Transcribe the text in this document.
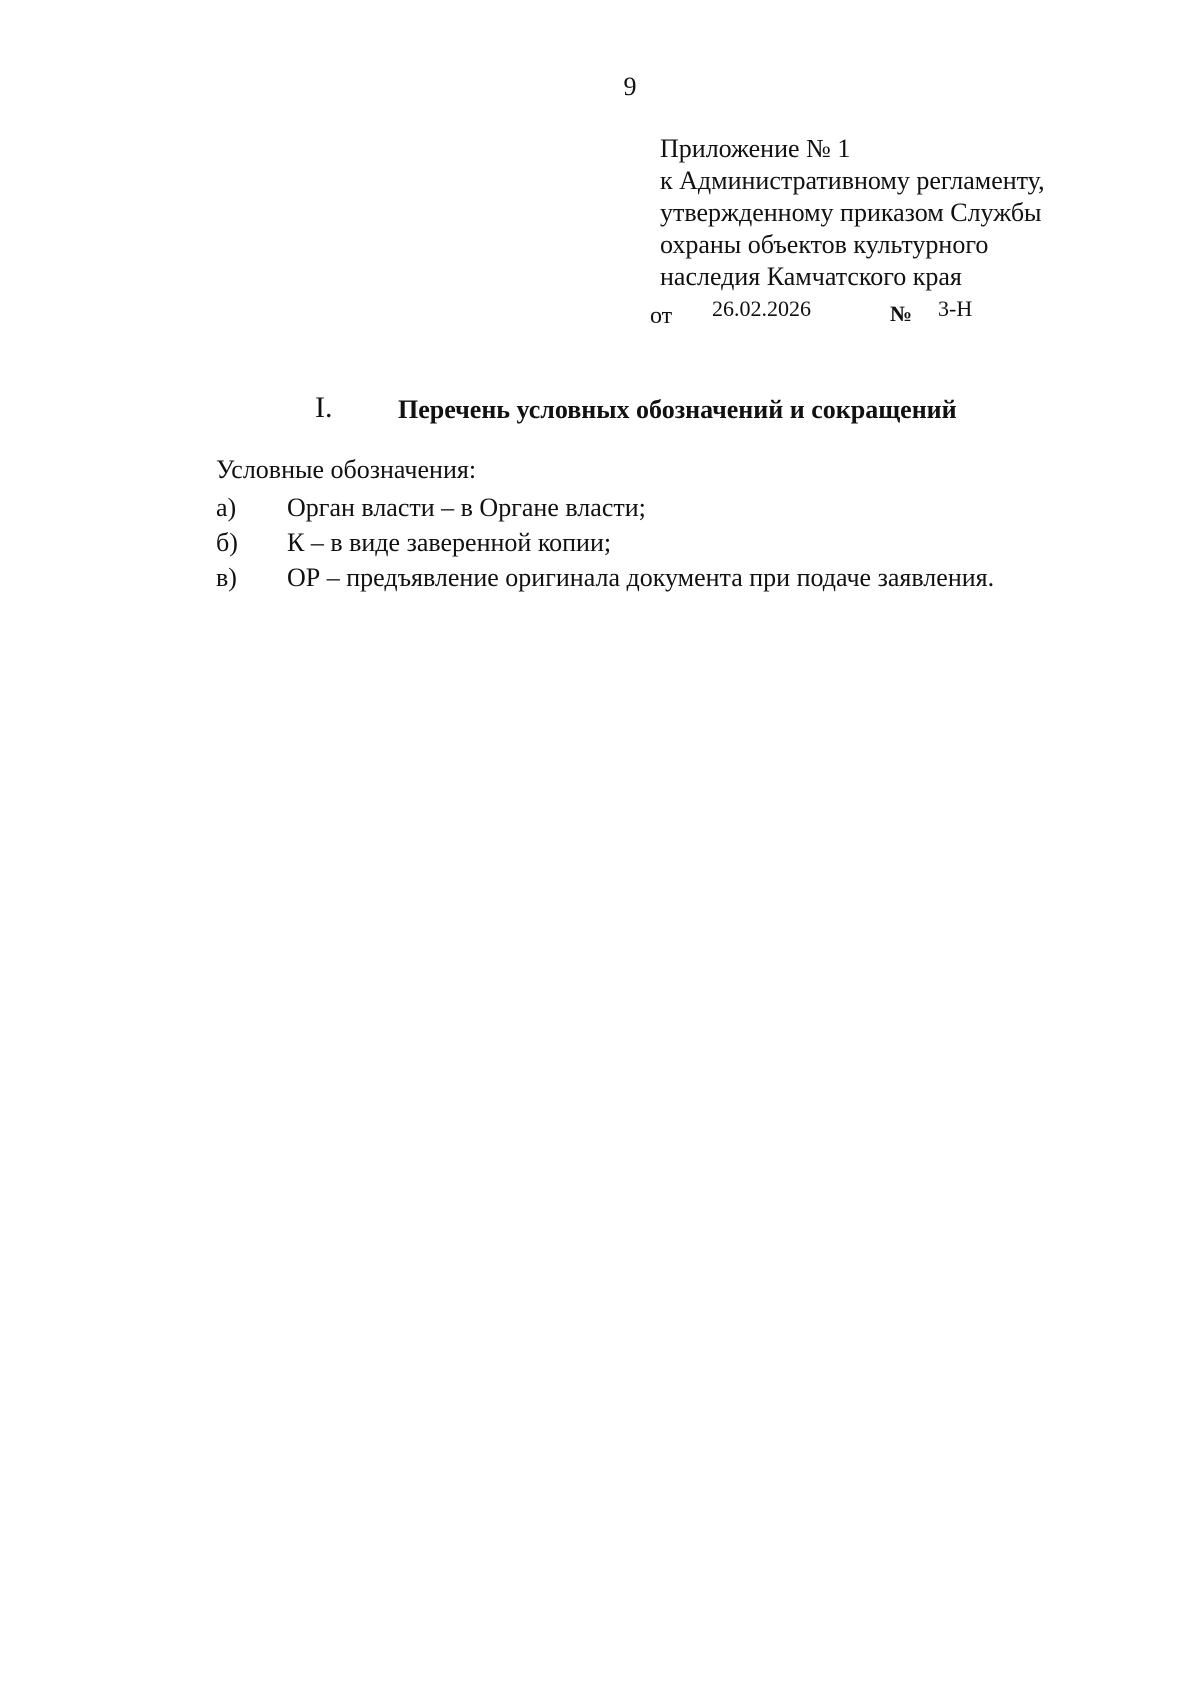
9
Приложение № 1
к Административному регламенту,
утвержденному приказом Службы
охраны объектов культурного
наследия Камчатского края
от 26.02.2026	№ 3-Н
I.	Перечень условных обозначений и сокращений
Условные обозначения:
а) Орган власти – в Органе власти;
б) К – в виде заверенной копии;
в) ОР – предъявление оригинала документа при подаче заявления.
